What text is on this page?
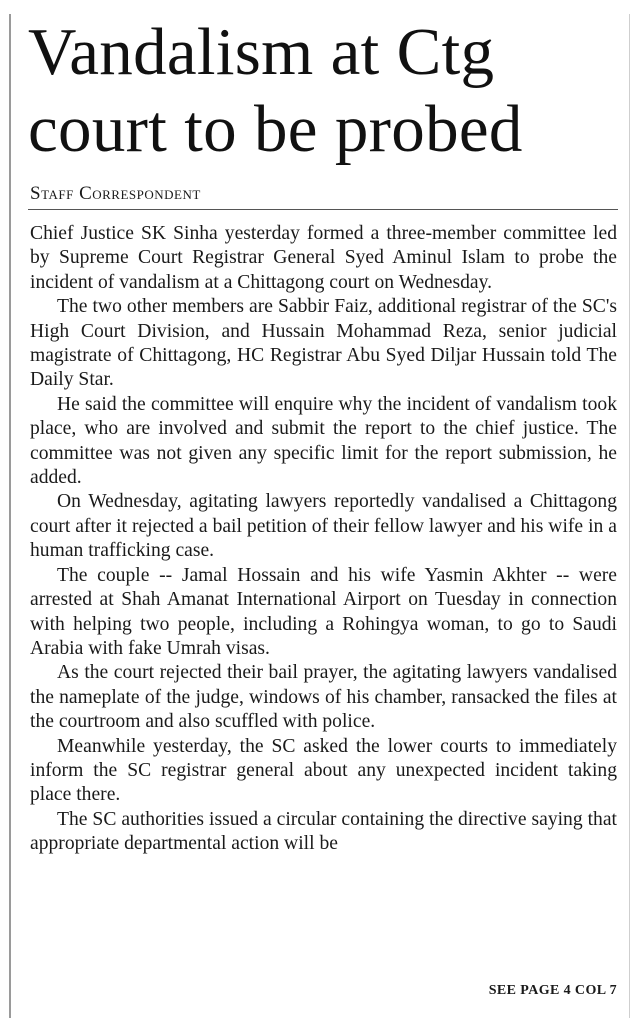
Vandalism at Ctg
court to be probed

Staff Correspondent

Chief Justice SK Sinha yesterday formed a three-member committee led by Supreme Court Registrar General Syed Aminul Islam to probe the incident of vandalism at a Chittagong court on Wednesday.

The two other members are Sabbir Faiz, additional registrar of the SC's High Court Division, and Hussain Mohammad Reza, senior judicial magistrate of Chittagong, HC Registrar Abu Syed Diljar Hussain told The Daily Star.

He said the committee will enquire why the incident of vandalism took place, who are involved and submit the report to the chief justice. The committee was not given any specific limit for the report submission, he added.

On Wednesday, agitating lawyers reportedly vandalised a Chittagong court after it rejected a bail petition of their fellow lawyer and his wife in a human trafficking case.

The couple -- Jamal Hossain and his wife Yasmin Akhter -- were arrested at Shah Amanat International Airport on Tuesday in connection with helping two people, including a Rohingya woman, to go to Saudi Arabia with fake Umrah visas.

As the court rejected their bail prayer, the agitating lawyers vandalised the nameplate of the judge, windows of his chamber, ransacked the files at the courtroom and also scuffled with police.

Meanwhile yesterday, the SC asked the lower courts to immediately inform the SC registrar general about any unexpected incident taking place there.

The SC authorities issued a circular containing the directive saying that appropriate departmental action will be

SEE PAGE 4 COL 7
